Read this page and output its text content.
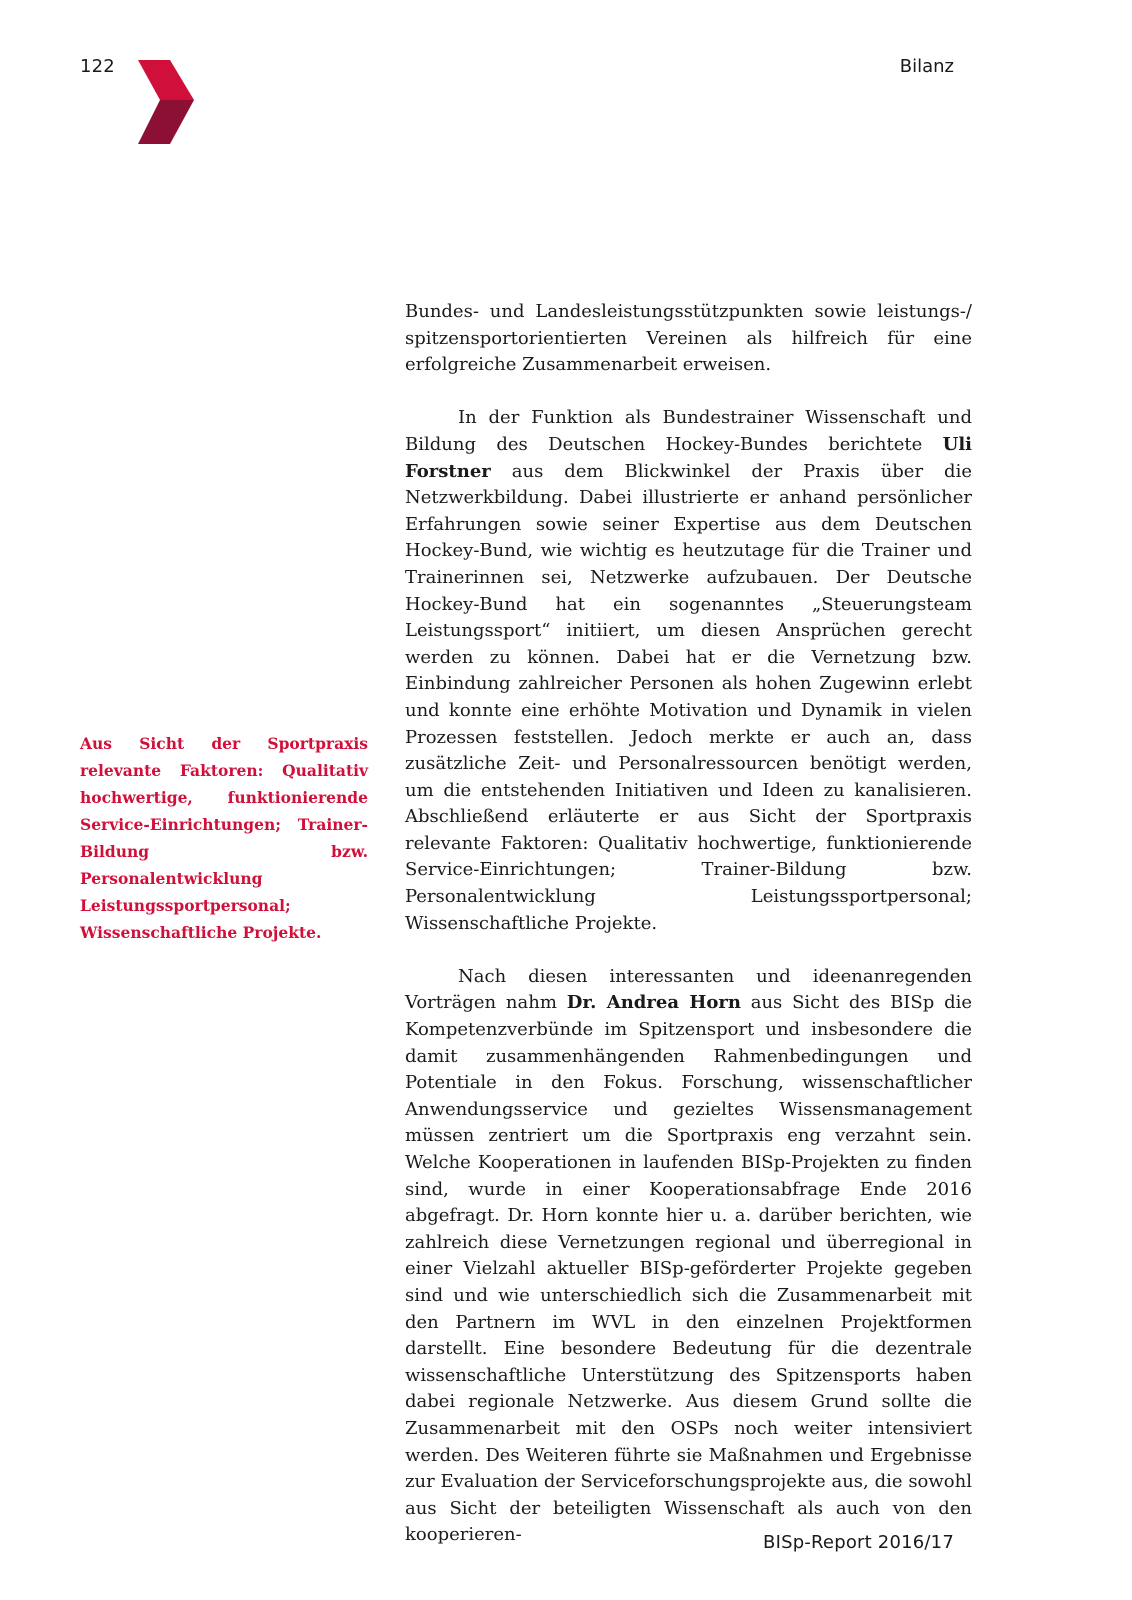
122	Bilanz
Aus Sicht der Sportpraxis relevante Faktoren: Qualitativ hochwertige, funktionierende Service-Einrichtungen; Trainer-Bildung bzw. Personalentwicklung Leistungssportpersonal; Wissenschaftliche Projekte.

Bundes- und Landesleistungsstützpunkten sowie leistungs-/ spitzensportorientierten Vereinen als hilfreich für eine erfolgreiche Zusammenarbeit erweisen.

In der Funktion als Bundestrainer Wissenschaft und Bildung des Deutschen Hockey-Bundes berichtete Uli Forstner aus dem Blickwinkel der Praxis über die Netzwerkbildung. Dabei illustrierte er anhand persönlicher Erfahrungen sowie seiner Expertise aus dem Deutschen Hockey-Bund, wie wichtig es heutzutage für die Trainer und Trainerinnen sei, Netzwerke aufzubauen. Der Deutsche Hockey-Bund hat ein sogenanntes „Steuerungsteam Leistungssport“ initiiert, um diesen Ansprüchen gerecht werden zu können. Dabei hat er die Vernetzung bzw. Einbindung zahlreicher Personen als hohen Zugewinn erlebt und konnte eine erhöhte Motivation und Dynamik in vielen Prozessen feststellen. Jedoch merkte er auch an, dass zusätzliche Zeit- und Personalressourcen benötigt werden, um die entstehenden Initiativen und Ideen zu kanalisieren. Abschließend erläuterte er aus Sicht der Sportpraxis relevante Faktoren: Qualitativ hochwertige, funktionierende Service-Einrichtungen; Trainer-Bildung bzw. Personalentwicklung Leistungssportpersonal; Wissenschaftliche Projekte.

Nach diesen interessanten und ideenanregenden Vorträgen nahm Dr. Andrea Horn aus Sicht des BISp die Kompetenzverbünde im Spitzensport und insbesondere die damit zusammenhängenden Rahmenbedingungen und Potentiale in den Fokus. Forschung, wissenschaftlicher Anwendungsservice und gezieltes Wissensmanagement müssen zentriert um die Sportpraxis eng verzahnt sein. Welche Kooperationen in laufenden BISp-Projekten zu finden sind, wurde in einer Kooperationsabfrage Ende 2016 abgefragt. Dr. Horn konnte hier u. a. darüber berichten, wie zahlreich diese Vernetzungen regional und überregional in einer Vielzahl aktueller BISp-geförderter Projekte gegeben sind und wie unterschiedlich sich die Zusammenarbeit mit den Partnern im WVL in den einzelnen Projektformen darstellt. Eine besondere Bedeutung für die dezentrale wissenschaftliche Unterstützung des Spitzensports haben dabei regionale Netzwerke. Aus diesem Grund sollte die Zusammenarbeit mit den OSPs noch weiter intensiviert werden. Des Weiteren führte sie Maßnahmen und Ergebnisse zur Evaluation der Serviceforschungsprojekte aus, die sowohl aus Sicht der beteiligten Wissenschaft als auch von den kooperieren-	BISp-Report 2016/17
